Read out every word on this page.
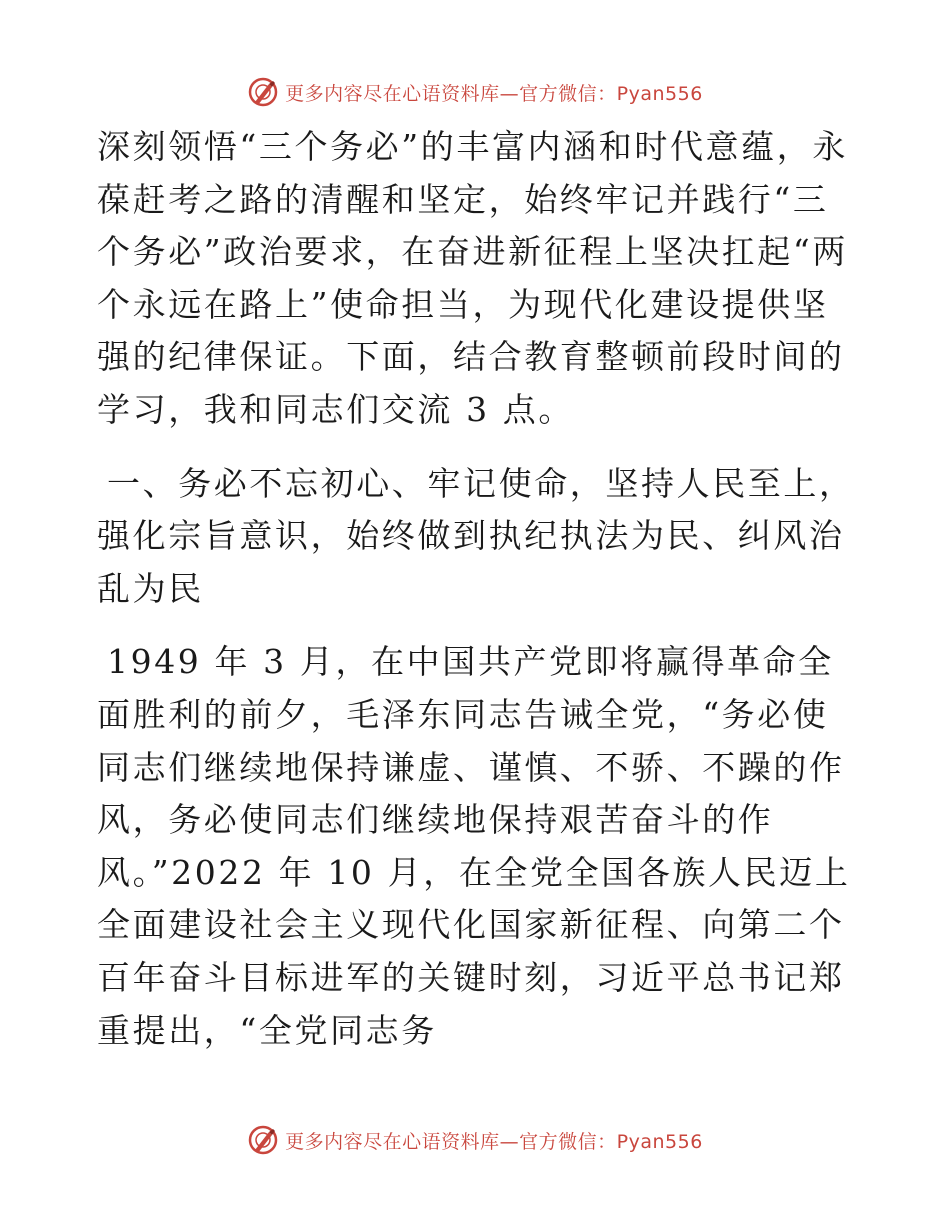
更多内容尽在心语资料库—官方微信：Pyan556

深刻领悟“三个务必”的丰富内涵和时代意蕴，永葆赶考之路的清醒和坚定，始终牢记并践行“三个务必”政治要求，在奋进新征程上坚决扛起“两个永远在路上”使命担当，为现代化建设提供坚强的纪律保证。下面，结合教育整顿前段时间的学习，我和同志们交流 3 点。

一、务必不忘初心、牢记使命，坚持人民至上，强化宗旨意识，始终做到执纪执法为民、纠风治乱为民

1949 年 3 月，在中国共产党即将赢得革命全面胜利的前夕，毛泽东同志告诫全党，“务必使同志们继续地保持谦虚、谨慎、不骄、不躁的作风，务必使同志们继续地保持艰苦奋斗的作风。”2022 年 10 月，在全党全国各族人民迈上全面建设社会主义现代化国家新征程、向第二个百年奋斗目标进军的关键时刻，习近平总书记郑重提出，“全党同志务

更多内容尽在心语资料库—官方微信：Pyan556
